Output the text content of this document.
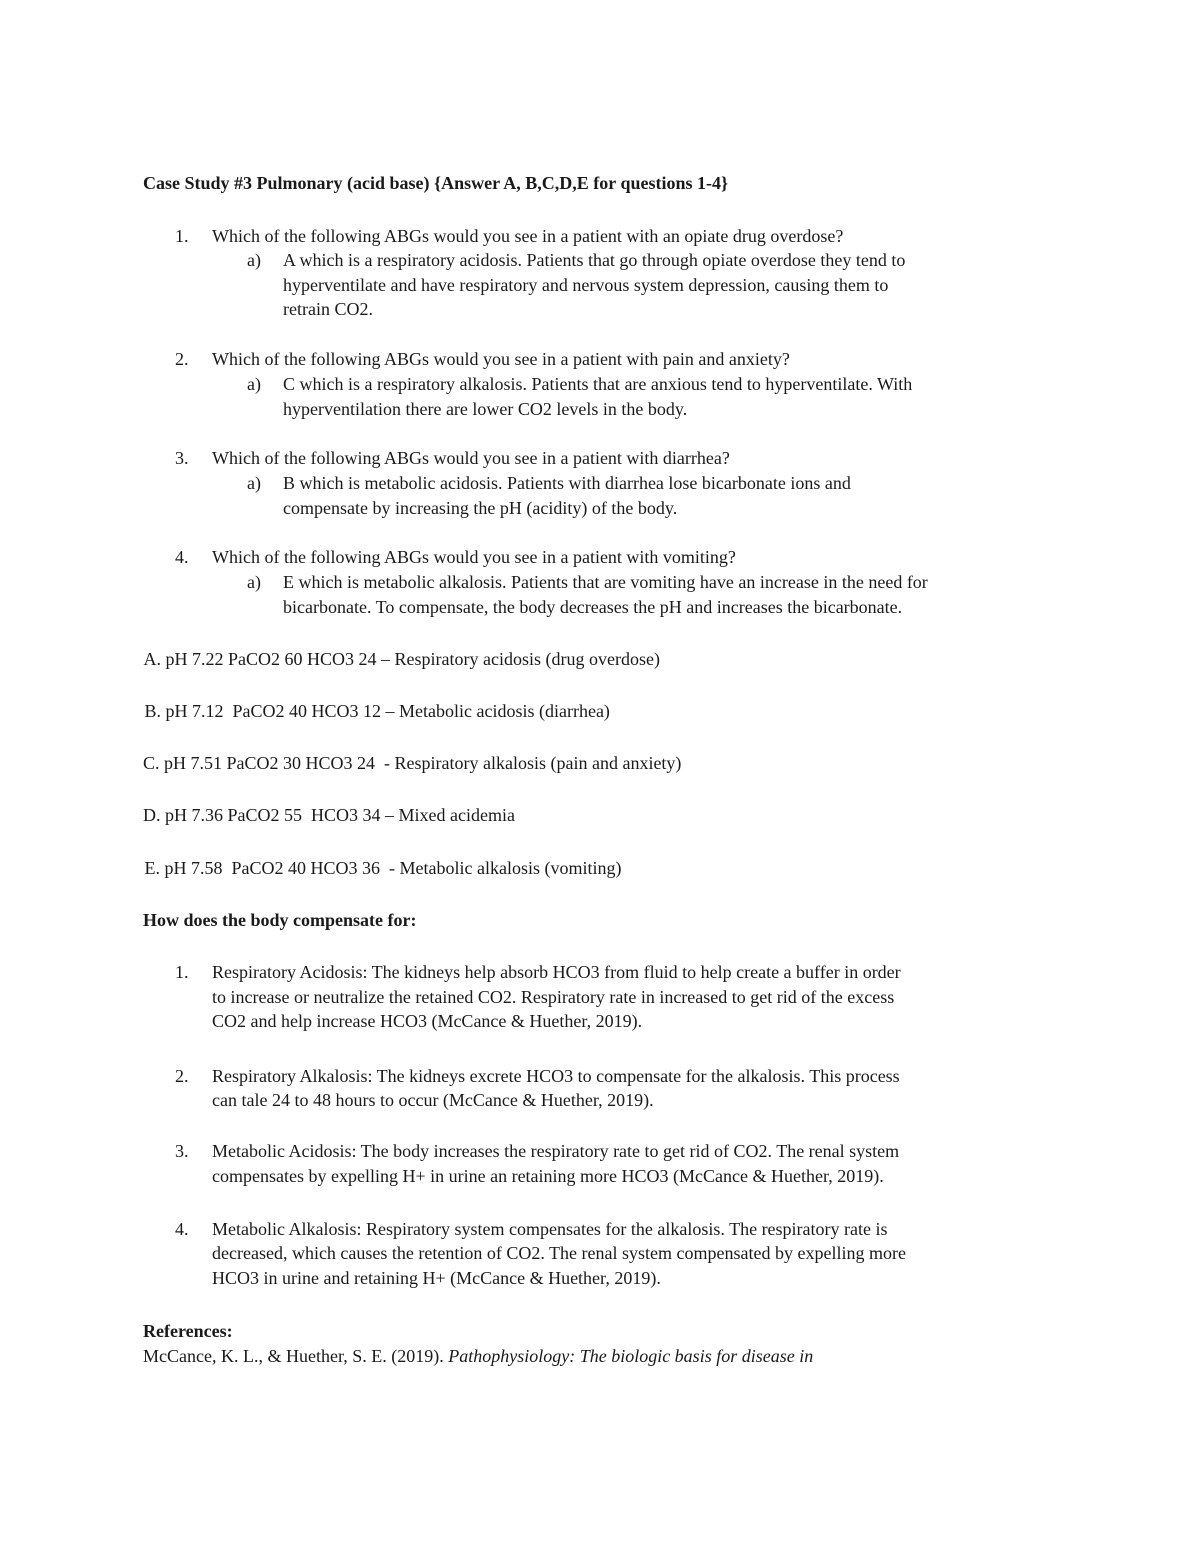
Case Study #3 Pulmonary (acid base) {Answer A, B,C,D,E for questions 1-4}
1. Which of the following ABGs would you see in a patient with an opiate drug overdose?
a) A which is a respiratory acidosis. Patients that go through opiate overdose they tend to
hyperventilate and have respiratory and nervous system depression, causing them to
retrain CO2.
2. Which of the following ABGs would you see in a patient with pain and anxiety?
a) C which is a respiratory alkalosis. Patients that are anxious tend to hyperventilate. With
hyperventilation there are lower CO2 levels in the body.
3. Which of the following ABGs would you see in a patient with diarrhea?
a) B which is metabolic acidosis. Patients with diarrhea lose bicarbonate ions and
compensate by increasing the pH (acidity) of the body.
4. Which of the following ABGs would you see in a patient with vomiting?
a) E which is metabolic alkalosis. Patients that are vomiting have an increase in the need for
bicarbonate. To compensate, the body decreases the pH and increases the bicarbonate.
A. pH 7.22 PaCO2 60 HCO3 24 – Respiratory acidosis (drug overdose)
B. pH 7.12  PaCO2 40 HCO3 12 – Metabolic acidosis (diarrhea)
C. pH 7.51 PaCO2 30 HCO3 24  - Respiratory alkalosis (pain and anxiety)
D. pH 7.36 PaCO2 55  HCO3 34 – Mixed acidemia
E. pH 7.58  PaCO2 40 HCO3 36  - Metabolic alkalosis (vomiting)
How does the body compensate for:
1. Respiratory Acidosis: The kidneys help absorb HCO3 from fluid to help create a buffer in order
to increase or neutralize the retained CO2. Respiratory rate in increased to get rid of the excess
CO2 and help increase HCO3 (McCance & Huether, 2019).
2. Respiratory Alkalosis: The kidneys excrete HCO3 to compensate for the alkalosis. This process
can tale 24 to 48 hours to occur (McCance & Huether, 2019).
3. Metabolic Acidosis: The body increases the respiratory rate to get rid of CO2. The renal system
compensates by expelling H+ in urine an retaining more HCO3 (McCance & Huether, 2019).
4. Metabolic Alkalosis: Respiratory system compensates for the alkalosis. The respiratory rate is
decreased, which causes the retention of CO2. The renal system compensated by expelling more
HCO3 in urine and retaining H+ (McCance & Huether, 2019).
References:
McCance, K. L., & Huether, S. E. (2019). Pathophysiology: The biologic basis for disease in
